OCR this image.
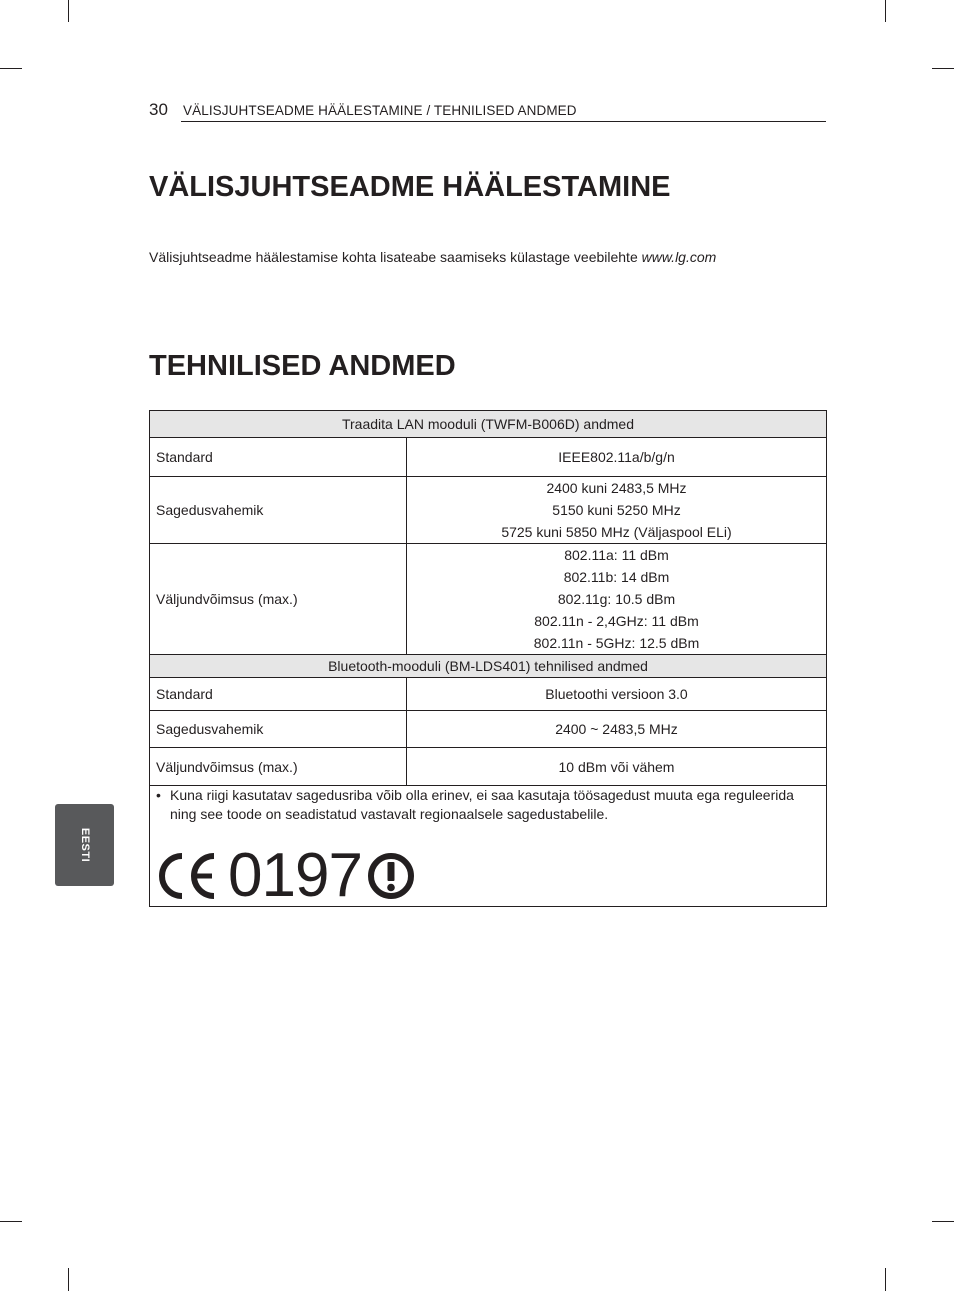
30 VÄLISJUHTSEADME HÄÄLESTAMINE / TEHNILISED ANDMED
VÄLISJUHTSEADME HÄÄLESTAMINE
Välisjuhtseadme häälestamise kohta lisateabe saamiseks külastage veebilehte www.lg.com
TEHNILISED ANDMED
Traadita LAN mooduli (TWFM-B006D) andmed	
Standard	IEEE802.11a/b/g/n

Sagedusvahemik	2400 kuni 2483,5 MHz
5150 kuni 5250 MHz
5725 kuni 5850 MHz (Väljaspool ELi)

Väljundvõimsus (max.)	802.11a: 11 dBm
802.11b: 14 dBm
802.11g: 10.5 dBm
802.11n - 2,4GHz: 11 dBm
802.11n - 5GHz: 12.5 dBm

Bluetooth-mooduli (BM-LDS401) tehnilised andmed	
Standard	Bluetoothi versioon 3.0

Sagedusvahemik	2400 ~ 2483,5 MHz

Väljundvõimsus (max.)	10 dBm või vähem

• Kuna riigi kasutatav sagedusriba võib olla erinev, ei saa kasutaja töösagedust muuta ega reguleerida ning see toode on seadistatud vastavalt regionaalsele sagedustabelile.
0197	
EESTI
